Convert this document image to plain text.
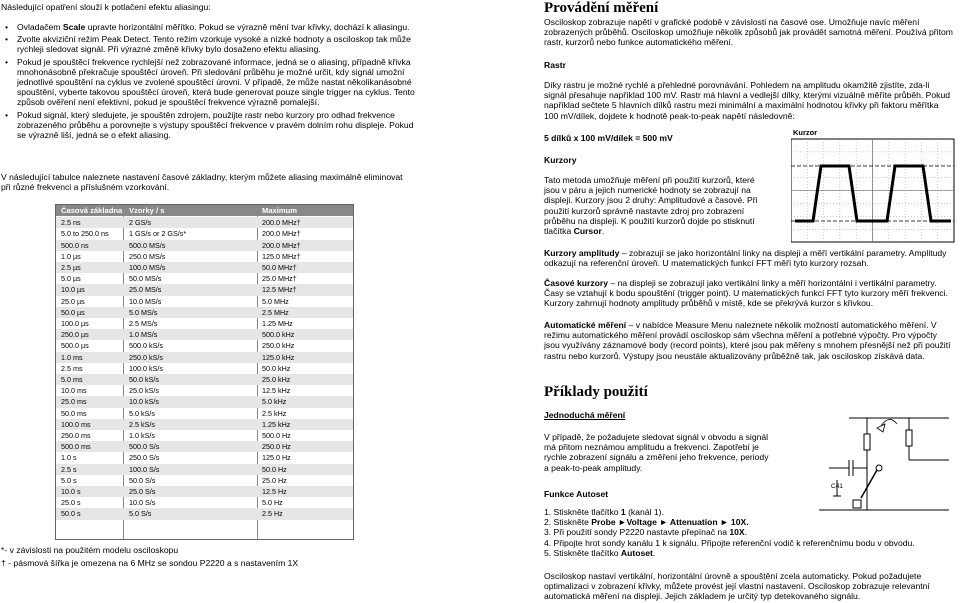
Následující opatření slouží k potlačení efektu aliasingu:

• Ovladačem Scale upravte horizontální měřítko. Pokud se výrazně mění tvar křivky, dochází k aliasingu.
• Zvolte akviziční režim Peak Detect. Tento režim vzorkuje vysoké a nízké hodnoty a osciloskop tak může rychleji sledovat signál. Při výrazné změně křivky bylo dosaženo efektu aliasing.
• Pokud je spouštěcí frekvence rychlejší než zobrazované informace, jedná se o aliasing, případně křivka mnohonásobně překračuje spouštěcí úroveň. Při sledování průběhu je možné určit, kdy signál umožní jednotlivé spouštění na cyklus ve zvolené spouštěcí úrovni. V případě, že může nastat několikanásobné spouštění, vyberte takovou spouštěcí úroveň, která bude generovat pouze single trigger na cyklus. Tento způsob ověření není efektivní, pokud je spouštěcí frekvence výrazně pomalejší.
• Pokud signál, který sledujete, je spouštěn zdrojem, použijte rastr nebo kurzory pro odhad frekvence zobrazeného průběhu a porovnejte s výstupy spouštěcí frekvence v pravém dolním rohu displeje. Pokud se výrazně liší, jedná se o efekt aliasing.

V následující tabulce naleznete nastavení časové základny, kterým můžete aliasing maximálně eliminovat při různé frekvenci a příslušném vzorkování.

Časová základna Vzorky / s	Maximum
2.5 ns	2 GS/s	200.0 MHz†
5.0 to 250.0 ns	1 GS/s or 2 GS/s*	200.0 MHz†
500.0 ns	500.0 MS/s	200.0 MHz†
1.0 µs	250.0 MS/s	125.0 MHz†
2.5 µs	100.0 MS/s	50.0 MHz†
5.0 µs	50.0 MS/s	25.0 MHz†
10.0 µs	25.0 MS/s	12.5 MHz†
25.0 µs	10.0 MS/s	5.0 MHz
50.0 µs	5.0 MS/s	2.5 MHz
100.0 µs	2.5 MS/s	1.25 MHz
250.0 µs	1.0 MS/s	500.0 kHz
500.0 µs	500.0 kS/s	250.0 kHz
1.0 ms	250.0 kS/s	125.0 kHz
2.5 ms	100.0 kS/s	50.0 kHz
5.0 ms	50.0 kS/s	25.0 kHz
10.0 ms	25.0 kS/s	12.5 kHz
25.0 ms	10.0 kS/s	5.0 kHz
50.0 ms	5.0 kS/s	2.5 kHz
100.0 ms	2.5 kS/s	1.25 kHz
250.0 ms	1.0 kS/s	500.0 Hz
500.0 ms	500.0 S/s	250.0 Hz
1.0 s	250.0 S/s	125.0 Hz
2.5 s	100.0 S/s	50.0 Hz
5.0 s	50.0 S/s	25.0 Hz
10.0 s	25.0 S/s	12.5 Hz
25.0 s	10.0 S/s	5.0 Hz
50.0 s	5.0 S/s	2.5 Hz

*- v závislosti na použitém modelu osciloskopu

† - pásmová šířka je omezena na 6 MHz se sondou P2220 a s nastavením 1X

Provádění měření

Osciloskop zobrazuje napětí v grafické podobě v závislosti na časové ose. Umožňuje navíc měření zobrazených průběhů. Osciloskop umožňuje několik způsobů jak provádět samotná měření. Používá přitom rastr, kurzorů nebo funkce automatického měření.

Rastr

Díky rastru je možné rychlé a přehledné porovnávání. Pohledem na amplitudu okamžitě zjistíte, zda-li signál přesahuje například 100 mV. Rastr má hlavní a vedlejší dílky, kterými vizuálně měříte průběh. Pokud například sečtete 5 hlavních dílků rastru mezi minimální a maximální hodnotou křivky při faktoru měřítka 100 mV/dílek, dojdete k hodnotě peak-to-peak napětí následovně:

5 dílků x 100 mV/dílek = 500 mV

Kurzory

Tato metoda umožňuje měření při použití kurzorů, které

jsou v páru a jejich numerické hodnoty se zobrazují na

displeji. Kurzory jsou 2 druhy: Amplitudové a časové. Při

použití kurzorů správně nastavte zdroj pro zobrazení

průběhu na displeji. K použití kurzorů dojde po stisknutí

tlačítka Cursor.

Kurzor

Kurzory amplitudy – zobrazují se jako horizontální linky na displeji a měří vertikální parametry. Amplitudy odkazují na referenční úroveň. U matematických funkcí FFT měří tyto kurzory rozsah.

Časové kurzory – na displeji se zobrazují jako vertikální linky a měří horizontální i vertikální parametry. Časy se vztahují k bodu spouštění (trigger point). U matematických funkcí FFT tyto kurzory měří frekvenci. Kurzory zahrnují hodnoty amplitudy průběhů v místě, kde se překrývá kurzor s křivkou.

Automatické měření – v nabídce Measure Menu naleznete několik možností automatického měření. V režimu automatického měření provádí osciloskop sám všechna měření a potřebné výpočty. Pro výpočty jsou využívány záznamové body (record points), které jsou pak měřeny s mnohem přesnější než při použití rastru nebo kurzorů. Výstupy jsou neustále aktualizovány průběžně tak, jak osciloskop získává data.

Příklady použití

Jednoduchá měření

V případě, že požadujete sledovat signál v obvodu a signál

má přitom neznámou amplitudu a frekvenci. Zapotřebí je

rychle zobrazení signálu a změření jeho frekvence, periody

a peak-to-peak amplitudy.

C41

Funkce Autoset

1. Stiskněte tlačítko 1 (kanál 1).

2. Stiskněte Probe ►Voltage ► Attenuation ► 10X.

3. Při použití sondy P2220 nastavte přepínač na 10X.

4. Připojte hrot sondy kanálu 1 k signálu. Připojte referenční vodič k referenčnímu bodu v obvodu.

5. Stiskněte tlačítko Autoset.

Osciloskop nastaví vertikální, horizontální úrovně a spouštění zcela automaticky. Pokud požadujete optimalizaci v zobrazení křivky, můžete provést její vlastní nastavení. Osciloskop zobrazuje relevantní automatická měření na displeji. Jejich základem je určitý typ detekovaného signálu.
